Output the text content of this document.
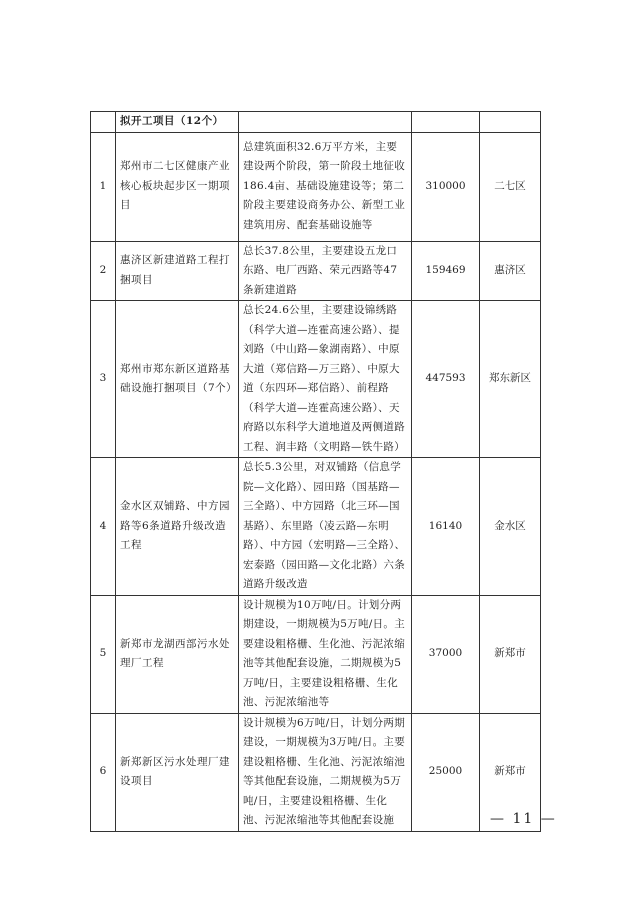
	拟开工项目（12个）			
1	郑州市二七区健康产业核心板块起步区一期项目	总建筑面积32.6万平方米，主要建设两个阶段，第一阶段土地征收186.4亩、基础设施建设等；第二阶段主要建设商务办公、新型工业建筑用房、配套基础设施等	310000	二七区
2	惠济区新建道路工程打捆项目	总长37.8公里，主要建设五龙口东路、电厂西路、荣元西路等47条新建道路	159469	惠济区
3	郑州市郑东新区道路基础设施打捆项目（7个）	总长24.6公里，主要建设锦绣路（科学大道—连霍高速公路）、提刘路（中山路—象湖南路）、中原大道（郑信路—万三路）、中原大道（东四环—郑信路）、前程路（科学大道—连霍高速公路）、天府路以东科学大道地道及两侧道路工程、润丰路（文明路—铁牛路）	447593	郑东新区
4	金水区双铺路、中方园路等6条道路升级改造工程	总长5.3公里，对双铺路（信息学院—文化路）、园田路（国基路—三全路）、中方园路（北三环—国基路）、东里路（凌云路—东明路）、中方园（宏明路—三全路）、宏泰路（园田路—文化北路）六条道路升级改造	16140	金水区
5	新郑市龙湖西部污水处理厂工程	设计规模为10万吨/日。计划分两期建设，一期规模为5万吨/日。主要建设粗格栅、生化池、污泥浓缩池等其他配套设施，二期规模为5万吨/日，主要建设粗格栅、生化池、污泥浓缩池等	37000	新郑市
6	新郑新区污水处理厂建设项目	设计规模为6万吨/日，计划分两期建设，一期规模为3万吨/日。主要建设粗格栅、生化池、污泥浓缩池等其他配套设施，二期规模为5万吨/日，主要建设粗格栅、生化池、污泥浓缩池等其他配套设施	25000	新郑市
— 11 —
